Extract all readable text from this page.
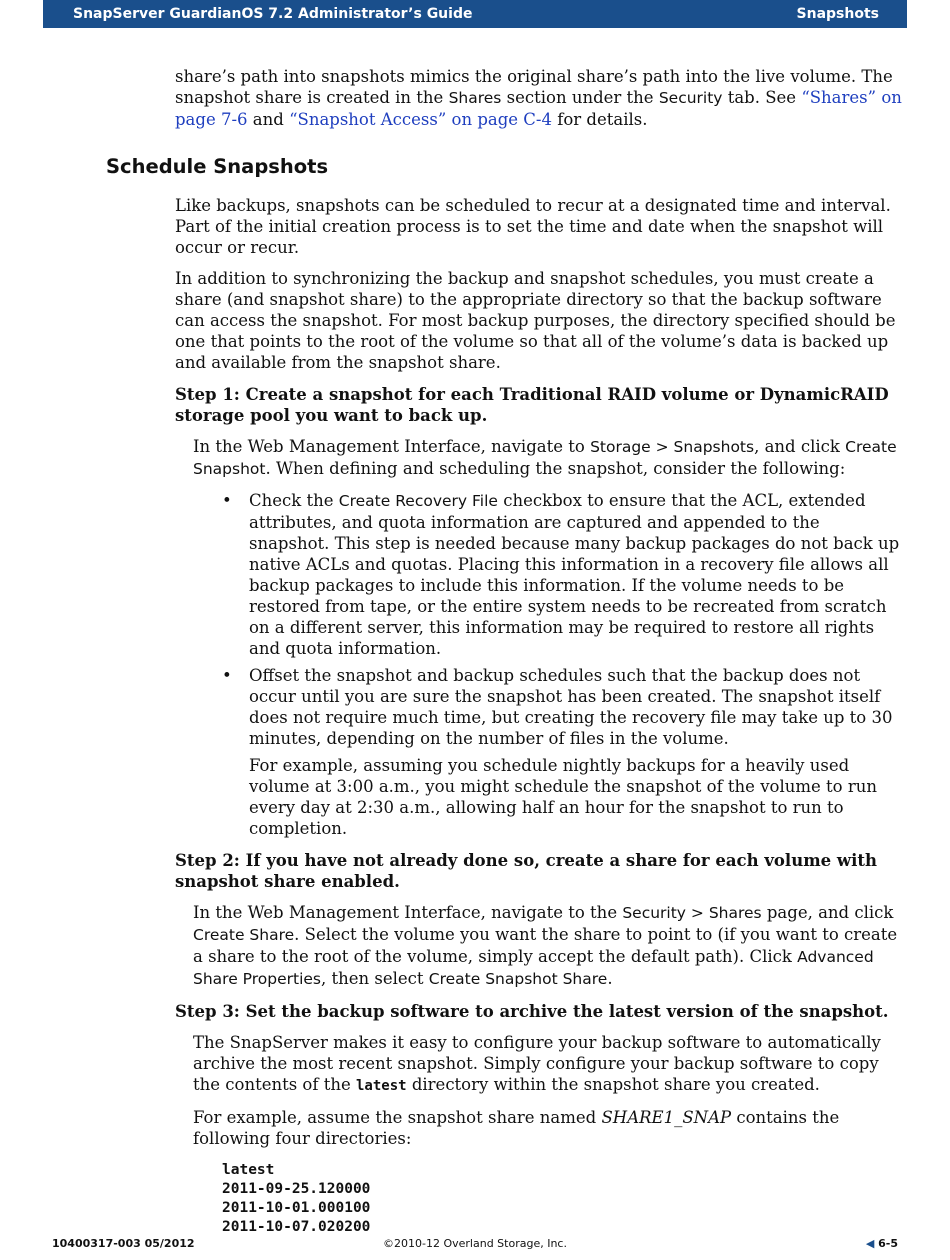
SnapServer GuardianOS 7.2 Administrator’s Guide	Snapshots

share’s path into snapshots mimics the original share’s path into the live volume. The snapshot share is created in the Shares section under the Security tab. See “Shares” on page 7-6 and “Snapshot Access” on page C-4 for details.

Schedule Snapshots

Like backups, snapshots can be scheduled to recur at a designated time and interval. Part of the initial creation process is to set the time and date when the snapshot will occur or recur.

In addition to synchronizing the backup and snapshot schedules, you must create a share (and snapshot share) to the appropriate directory so that the backup software can access the snapshot. For most backup purposes, the directory specified should be one that points to the root of the volume so that all of the volume’s data is backed up and available from the snapshot share.

Step 1: Create a snapshot for each Traditional RAID volume or DynamicRAID storage pool you want to back up.

In the Web Management Interface, navigate to Storage > Snapshots, and click Create Snapshot. When defining and scheduling the snapshot, consider the following:

• Check the Create Recovery File checkbox to ensure that the ACL, extended attributes, and quota information are captured and appended to the snapshot. This step is needed because many backup packages do not back up native ACLs and quotas. Placing this information in a recovery file allows all backup packages to include this information. If the volume needs to be restored from tape, or the entire system needs to be recreated from scratch on a different server, this information may be required to restore all rights and quota information.

• Offset the snapshot and backup schedules such that the backup does not occur until you are sure the snapshot has been created. The snapshot itself does not require much time, but creating the recovery file may take up to 30 minutes, depending on the number of files in the volume.

For example, assuming you schedule nightly backups for a heavily used volume at 3:00 a.m., you might schedule the snapshot of the volume to run every day at 2:30 a.m., allowing half an hour for the snapshot to run to completion.

Step 2: If you have not already done so, create a share for each volume with snapshot share enabled.

In the Web Management Interface, navigate to the Security > Shares page, and click Create Share. Select the volume you want the share to point to (if you want to create a share to the root of the volume, simply accept the default path). Click Advanced Share Properties, then select Create Snapshot Share.

Step 3: Set the backup software to archive the latest version of the snapshot.

The SnapServer makes it easy to configure your backup software to automatically archive the most recent snapshot. Simply configure your backup software to copy the contents of the latest directory within the snapshot share you created.

For example, assume the snapshot share named SHARE1_SNAP contains the following four directories:

latest
2011-09-25.120000
2011-10-01.000100
2011-10-07.020200
10400317-003 05/2012	©2010-12 Overland Storage, Inc.	◀ 6-5
